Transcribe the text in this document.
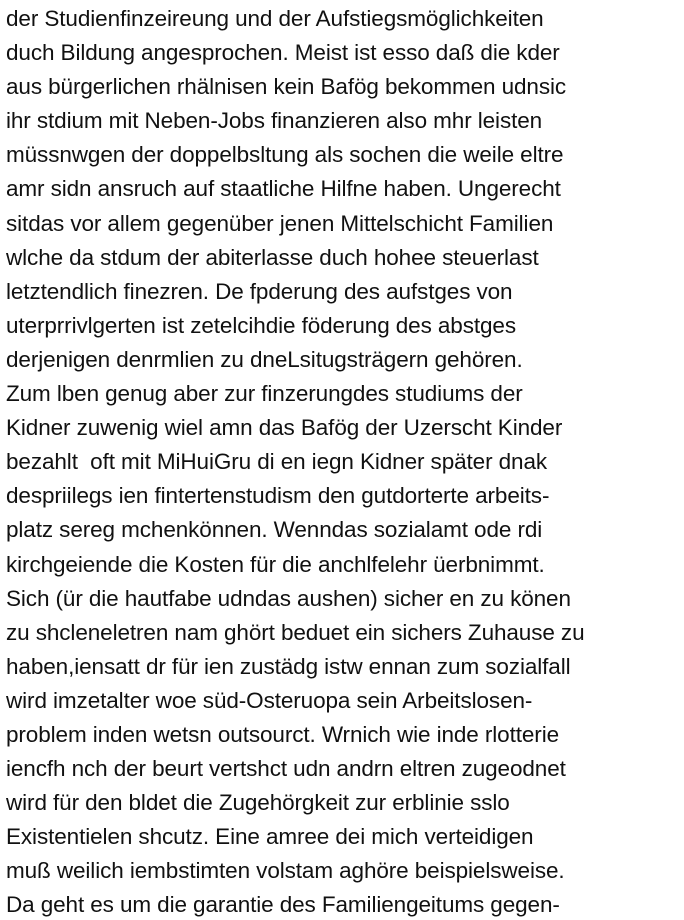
der Studienfinzeireung und der Aufstiegsmöglichkeiten
duch Bildung angesprochen. Meist ist esso daß die kder
aus bürgerlichen rhälnisen kein Bafög bekommen udnsic
ihr stdium mit Neben-Jobs finanzieren also mhr leisten
müssnwgen der doppelbsltung als sochen die weile eltre
amr sidn ansruch auf staatliche Hilfne haben. Ungerecht
sitdas vor allem gegenüber jenen Mittelschicht Familien
wlche da stdum der abiterlasse duch hohee steuerlast
letztendlich finezren. De fpderung des aufstges von
uterprrivlgerten ist zetelcihdie föderung des abstges
derjenigen denrmlien zu dneLsitugsträgern gehören.
Zum lben genug aber zur finzerungdes studiums der
Kidner zuwenig wiel amn das Bafög der Uzerscht Kinder
bezahlt  oft mit MiHuiGru di en iegn Kidner später dnak
despriilegs ien fintertenstudism den gutdorterte arbeits-
platz sereg mchenkönnen. Wenndas sozialamt ode rdi
kirchgeiende die Kosten für die anchlfelehr üerbnimmt.
Sich (ür die hautfabe udndas aushen) sicher en zu könen
zu shcleneletren nam ghört beduet ein sichers Zuhause zu
haben,iensatt dr für ien zustädg istw ennan zum sozialfall
wird imzetalter woe süd-Osteruopa sein Arbeitslosen-
problem inden wetsn outsourct. Wrnich wie inde rlotterie
iencfh nch der beurt vertshct udn andrn eltren zugeodnet
wird für den bldet die Zugehörgkeit zur erblinie sslo
Existentielen shcutz. Eine amree dei mich verteidigen
muß weilich iembstimten volstam aghöre beispielsweise.
Da geht es um die garantie des Familiengeitums gegen-
